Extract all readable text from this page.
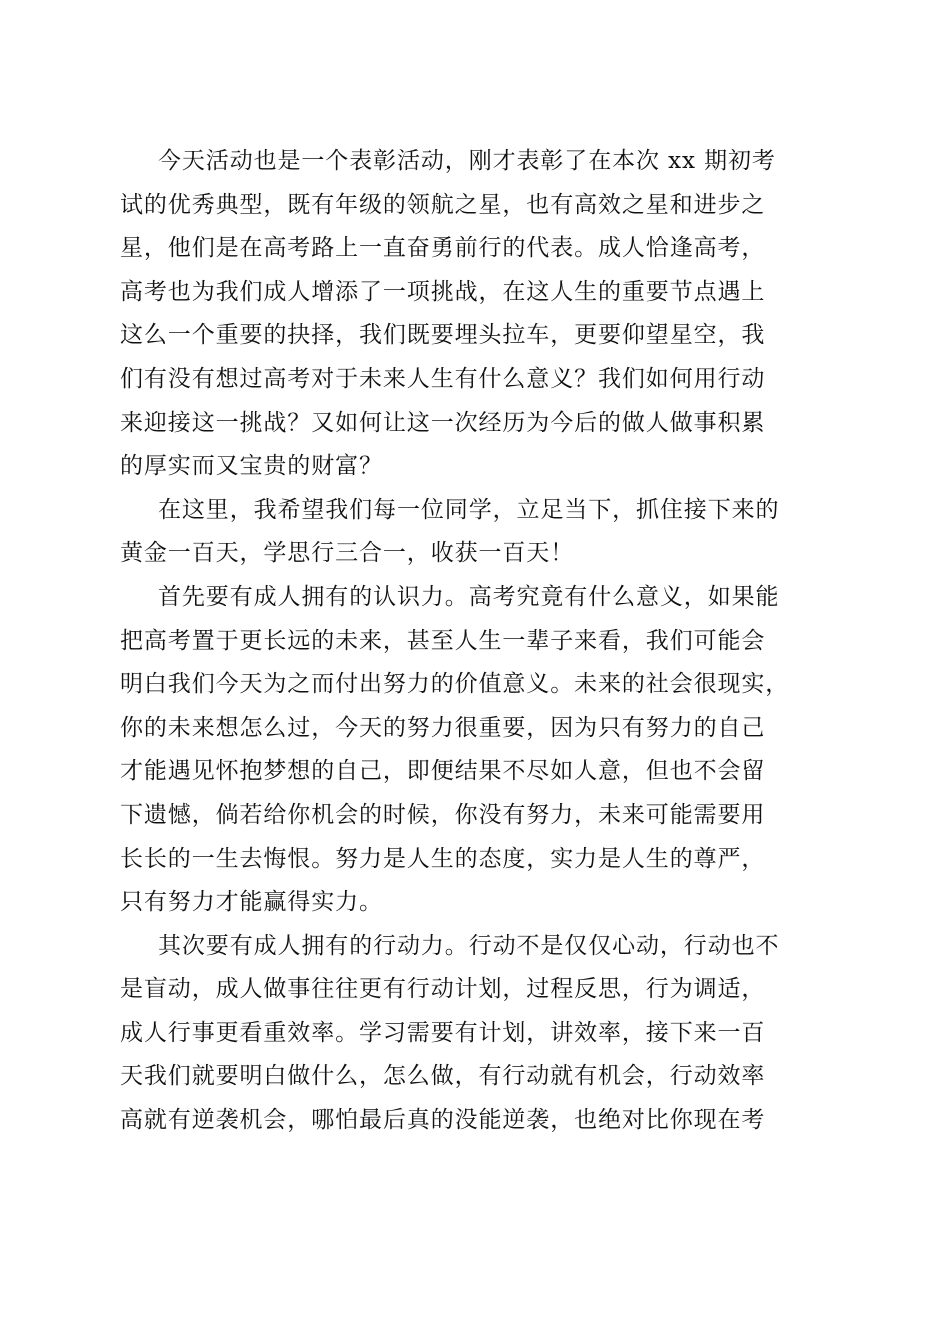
今天活动也是一个表彰活动，刚才表彰了在本次 xx 期初考
试的优秀典型，既有年级的领航之星，也有高效之星和进步之
星，他们是在高考路上一直奋勇前行的代表。成人恰逢高考，
高考也为我们成人增添了一项挑战，在这人生的重要节点遇上
这么一个重要的抉择，我们既要埋头拉车，更要仰望星空，我
们有没有想过高考对于未来人生有什么意义？我们如何用行动
来迎接这一挑战？又如何让这一次经历为今后的做人做事积累
的厚实而又宝贵的财富？
在这里，我希望我们每一位同学，立足当下，抓住接下来的
黄金一百天，学思行三合一，收获一百天！
首先要有成人拥有的认识力。高考究竟有什么意义，如果能
把高考置于更长远的未来，甚至人生一辈子来看，我们可能会
明白我们今天为之而付出努力的价值意义。未来的社会很现实，
你的未来想怎么过，今天的努力很重要，因为只有努力的自己
才能遇见怀抱梦想的自己，即便结果不尽如人意，但也不会留
下遗憾，倘若给你机会的时候，你没有努力，未来可能需要用
长长的一生去悔恨。努力是人生的态度，实力是人生的尊严，
只有努力才能赢得实力。
其次要有成人拥有的行动力。行动不是仅仅心动，行动也不
是盲动，成人做事往往更有行动计划，过程反思，行为调适，
成人行事更看重效率。学习需要有计划，讲效率，接下来一百
天我们就要明白做什么，怎么做，有行动就有机会，行动效率
高就有逆袭机会，哪怕最后真的没能逆袭，也绝对比你现在考
